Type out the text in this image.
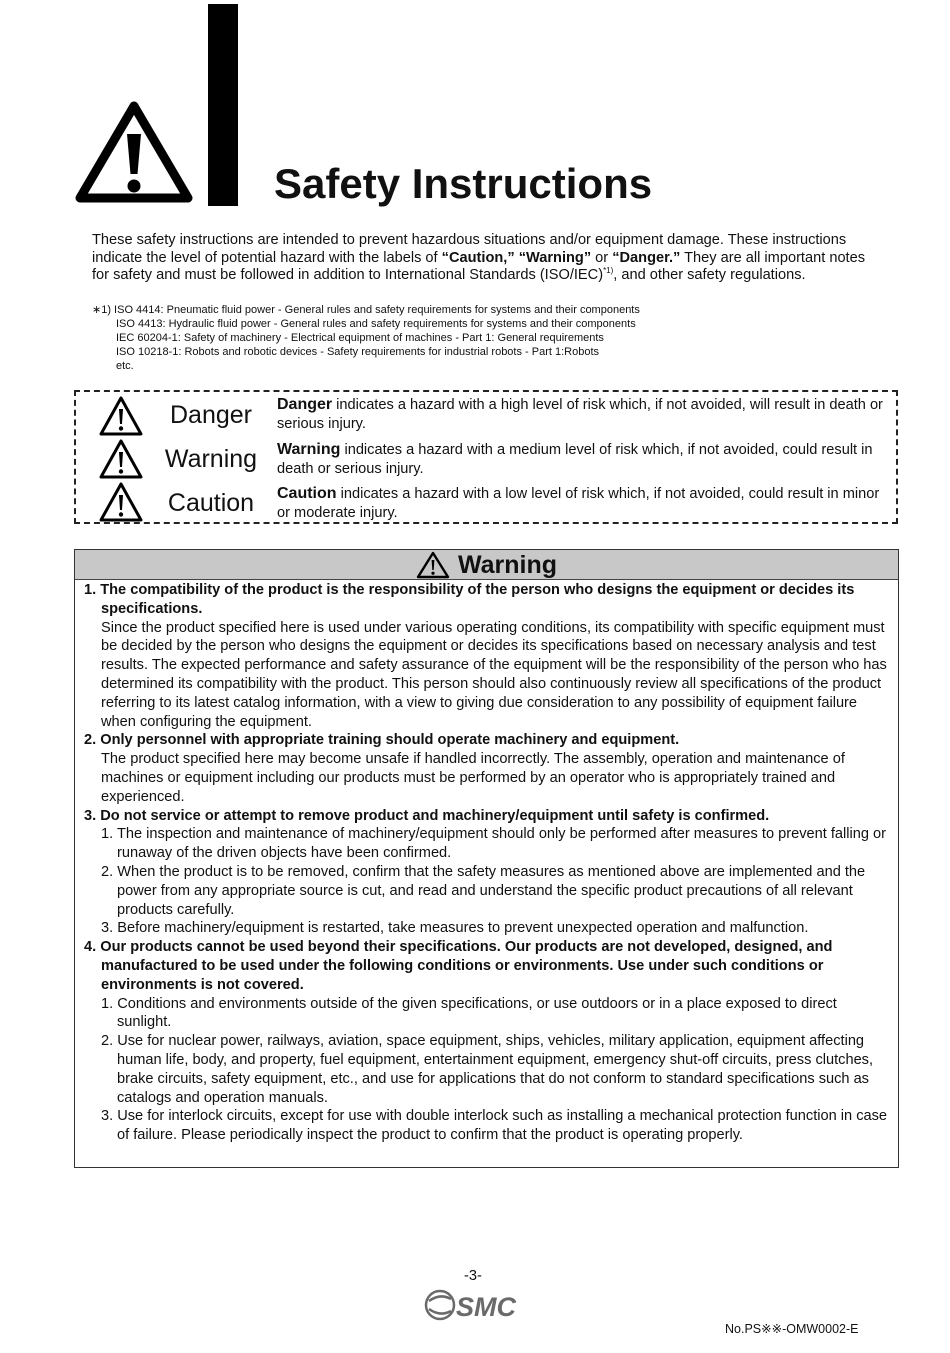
Safety Instructions
These safety instructions are intended to prevent hazardous situations and/or equipment damage. These instructions indicate the level of potential hazard with the labels of “Caution,” “Warning” or “Danger.” They are all important notes for safety and must be followed in addition to International Standards $(ISO/IEC)^{*1)}$, and other safety regulations.
∗1) ISO 4414: Pneumatic fluid power - General rules and safety requirements for systems and their components
ISO 4413: Hydraulic fluid power - General rules and safety requirements for systems and their components
IEC 60204-1: Safety of machinery - Electrical equipment of machines - Part 1: General requirements
ISO 10218-1: Robots and robotic devices - Safety requirements for industrial robots - Part 1:Robots
etc.
Danger	Danger indicates a hazard with a high level of risk which, if not avoided, will result in death or serious injury.
Warning	Warning indicates a hazard with a medium level of risk which, if not avoided, could result in death or serious injury.
Caution	Caution indicates a hazard with a low level of risk which, if not avoided, could result in minor or moderate injury.
Warning
1. The compatibility of the product is the responsibility of the person who designs the equipment or decides its specifications.
Since the product specified here is used under various operating conditions, its compatibility with specific equipment must be decided by the person who designs the equipment or decides its specifications based on necessary analysis and test results. The expected performance and safety assurance of the equipment will be the responsibility of the person who has determined its compatibility with the product. This person should also continuously review all specifications of the product referring to its latest catalog information, with a view to giving due consideration to any possibility of equipment failure when configuring the equipment.
2. Only personnel with appropriate training should operate machinery and equipment.
The product specified here may become unsafe if handled incorrectly. The assembly, operation and maintenance of machines or equipment including our products must be performed by an operator who is appropriately trained and experienced.
3. Do not service or attempt to remove product and machinery/equipment until safety is confirmed.
1. The inspection and maintenance of machinery/equipment should only be performed after measures to prevent falling or runaway of the driven objects have been confirmed.
2. When the product is to be removed, confirm that the safety measures as mentioned above are implemented and the power from any appropriate source is cut, and read and understand the specific product precautions of all relevant products carefully.
3. Before machinery/equipment is restarted, take measures to prevent unexpected operation and malfunction.
4. Our products cannot be used beyond their specifications. Our products are not developed, designed, and manufactured to be used under the following conditions or environments. Use under such conditions or environments is not covered.
1. Conditions and environments outside of the given specifications, or use outdoors or in a place exposed to direct sunlight.
2. Use for nuclear power, railways, aviation, space equipment, ships, vehicles, military application, equipment affecting human life, body, and property, fuel equipment, entertainment equipment, emergency shut-off circuits, press clutches, brake circuits, safety equipment, etc., and use for applications that do not conform to standard specifications such as catalogs and operation manuals.
3. Use for interlock circuits, except for use with double interlock such as installing a mechanical protection function in case of failure. Please periodically inspect the product to confirm that the product is operating properly.
-3-
SMC
No.PS※※-OMW0002-E
